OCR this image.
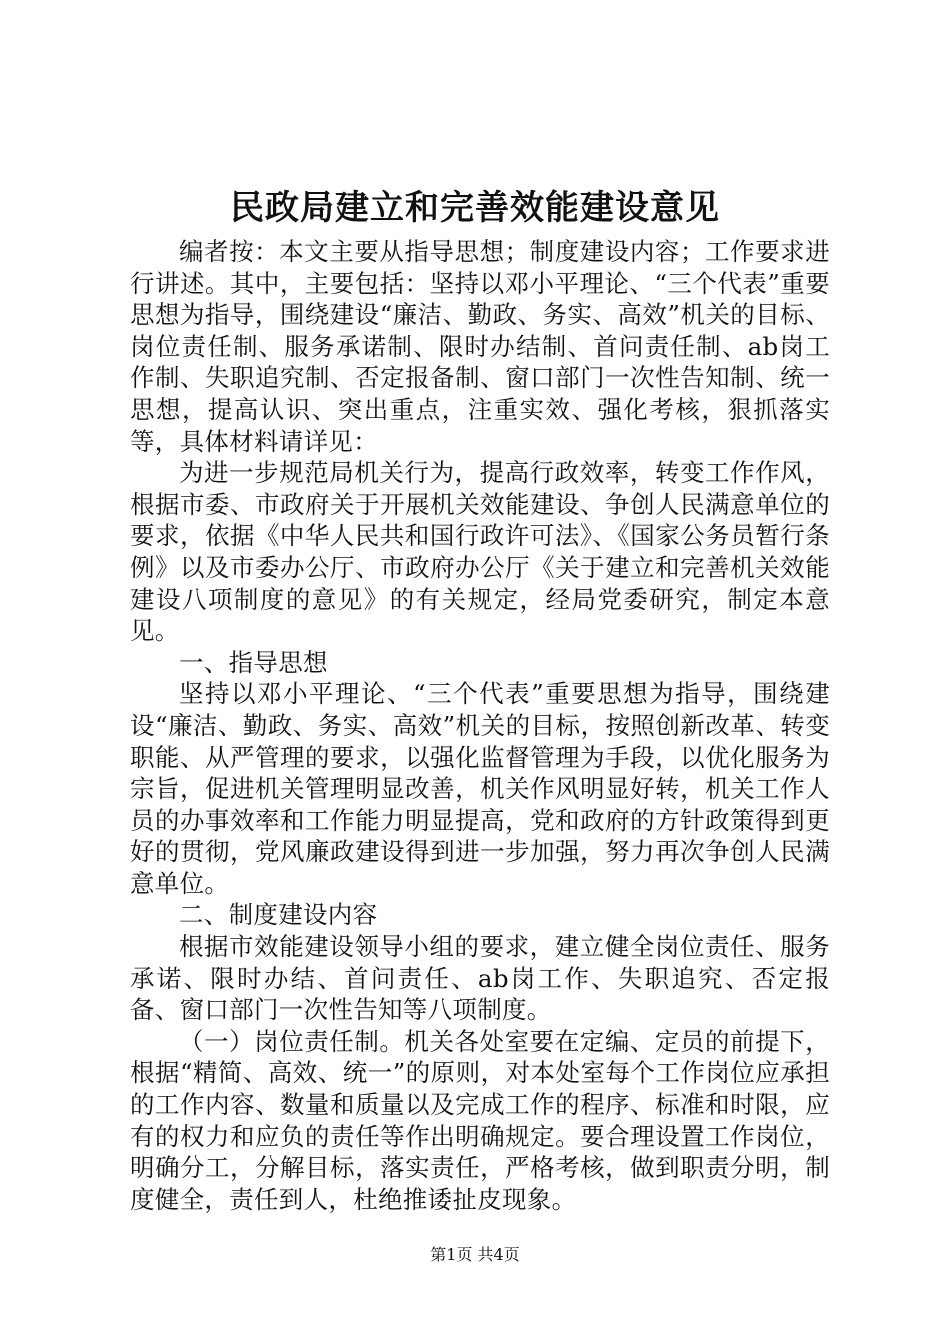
民政局建立和完善效能建设意见

编者按：本文主要从指导思想；制度建设内容；工作要求进行讲述。其中，主要包括：坚持以邓小平理论、“三个代表”重要思想为指导，围绕建设“廉洁、勤政、务实、高效”机关的目标、岗位责任制、服务承诺制、限时办结制、首问责任制、ab岗工作制、失职追究制、否定报备制、窗口部门一次性告知制、统一思想，提高认识、突出重点，注重实效、强化考核，狠抓落实等，具体材料请详见：

为进一步规范局机关行为，提高行政效率，转变工作作风，根据市委、市政府关于开展机关效能建设、争创人民满意单位的要求，依据《中华人民共和国行政许可法》、《国家公务员暂行条例》以及市委办公厅、市政府办公厅《关于建立和完善机关效能建设八项制度的意见》的有关规定，经局党委研究，制定本意见。

一、指导思想

坚持以邓小平理论、“三个代表”重要思想为指导，围绕建设“廉洁、勤政、务实、高效”机关的目标，按照创新改革、转变职能、从严管理的要求，以强化监督管理为手段，以优化服务为宗旨，促进机关管理明显改善，机关作风明显好转，机关工作人员的办事效率和工作能力明显提高，党和政府的方针政策得到更好的贯彻，党风廉政建设得到进一步加强，努力再次争创人民满意单位。

二、制度建设内容

根据市效能建设领导小组的要求，建立健全岗位责任、服务承诺、限时办结、首问责任、ab岗工作、失职追究、否定报备、窗口部门一次性告知等八项制度。

（一）岗位责任制。机关各处室要在定编、定员的前提下，根据“精简、高效、统一”的原则，对本处室每个工作岗位应承担的工作内容、数量和质量以及完成工作的程序、标准和时限，应有的权力和应负的责任等作出明确规定。要合理设置工作岗位，明确分工，分解目标，落实责任，严格考核，做到职责分明，制度健全，责任到人，杜绝推诿扯皮现象。

第1页 共4页
